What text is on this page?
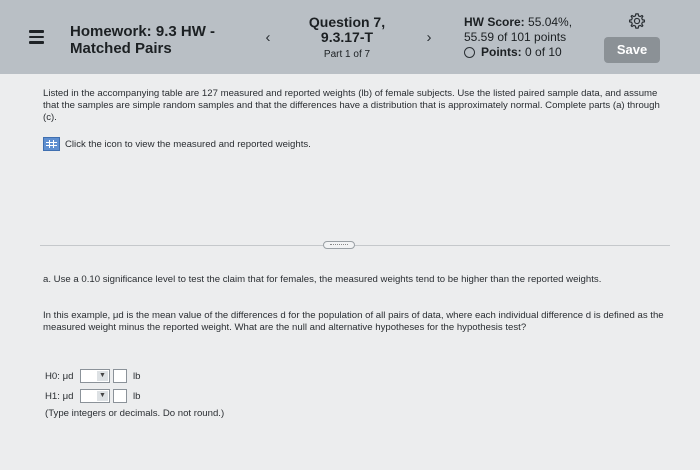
Homework: 9.3 HW -
Matched Pairs
‹
Question 7,
9.3.17-T
Part 1 of 7
›
HW Score: 55.04%,
55.59 of 101 points
Points: 0 of 10	Save
Listed in the accompanying table are 127 measured and reported weights (lb) of female subjects. Use the listed paired sample data, and assume that the samples are simple random samples and that the differences have a distribution that is approximately normal. Complete parts (a) through (c).
Click the icon to view the measured and reported weights.
a. Use a 0.10 significance level to test the claim that for females, the measured weights tend to be higher than the reported weights.
In this example, μd is the mean value of the differences d for the population of all pairs of data, where each individual difference d is defined as the measured weight minus the reported weight. What are the null and alternative hypotheses for the hypothesis test?
H0: μd	▼	lb
H1: μd	▼	lb
(Type integers or decimals. Do not round.)
